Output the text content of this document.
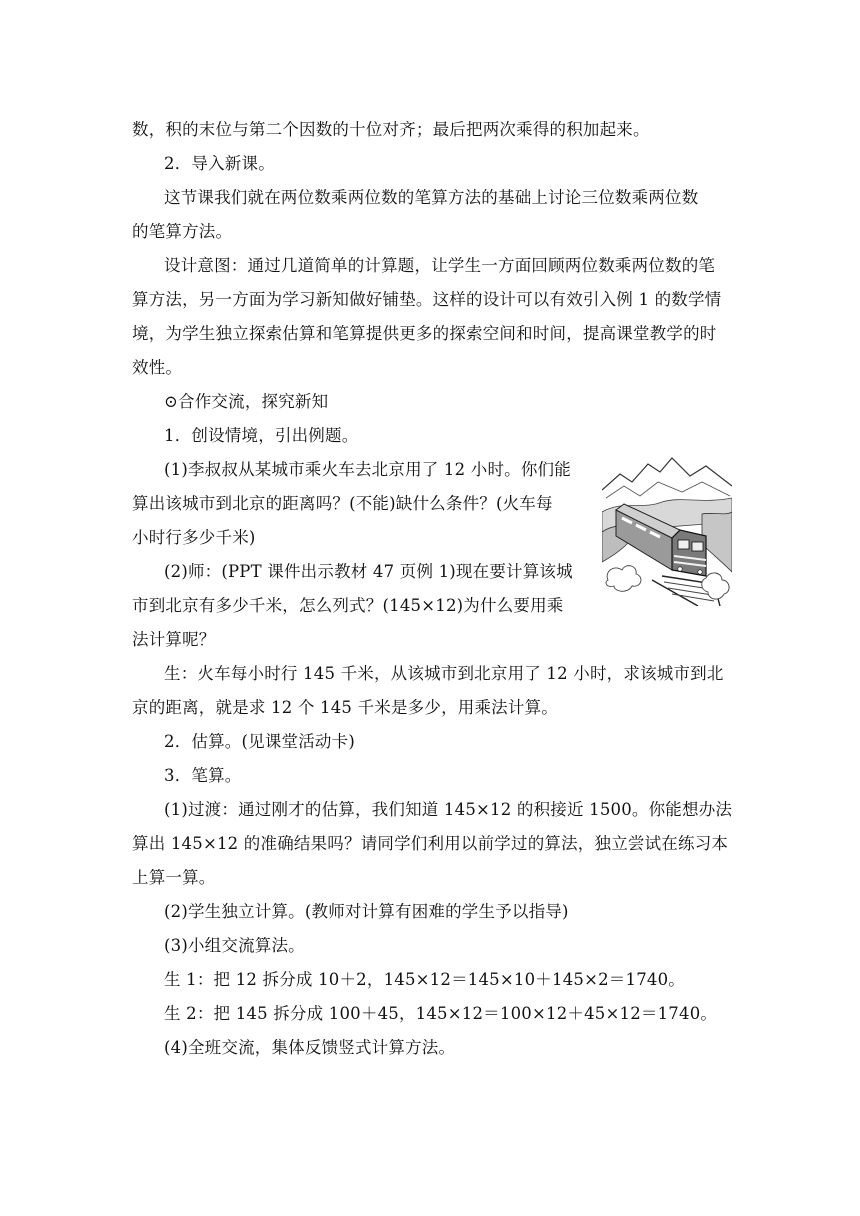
数，积的末位与第二个因数的十位对齐；最后把两次乘得的积加起来。
2．导入新课。
这节课我们就在两位数乘两位数的笔算方法的基础上讨论三位数乘两位数
的笔算方法。
设计意图：通过几道简单的计算题，让学生一方面回顾两位数乘两位数的笔
算方法，另一方面为学习新知做好铺垫。这样的设计可以有效引入例 1 的数学情
境，为学生独立探索估算和笔算提供更多的探索空间和时间，提高课堂教学的时
效性。
⊙合作交流，探究新知
1．创设情境，引出例题。
(1)李叔叔从某城市乘火车去北京用了 12 小时。你们能
算出该城市到北京的距离吗？(不能)缺什么条件？(火车每
小时行多少千米)
(2)师：(PPT 课件出示教材 47 页例 1)现在要计算该城
市到北京有多少千米，怎么列式？(145×12)为什么要用乘
法计算呢？
生：火车每小时行 145 千米，从该城市到北京用了 12 小时，求该城市到北
京的距离，就是求 12 个 145 千米是多少，用乘法计算。
2．估算。(见课堂活动卡)
3．笔算。
(1)过渡：通过刚才的估算，我们知道 145×12 的积接近 1500。你能想办法
算出 145×12 的准确结果吗？请同学们利用以前学过的算法，独立尝试在练习本
上算一算。
(2)学生独立计算。(教师对计算有困难的学生予以指导)
(3)小组交流算法。
生 1：把 12 拆分成 10＋2，145×12＝145×10＋145×2＝1740。
生 2：把 145 拆分成 100＋45，145×12＝100×12＋45×12＝1740。
(4)全班交流，集体反馈竖式计算方法。
